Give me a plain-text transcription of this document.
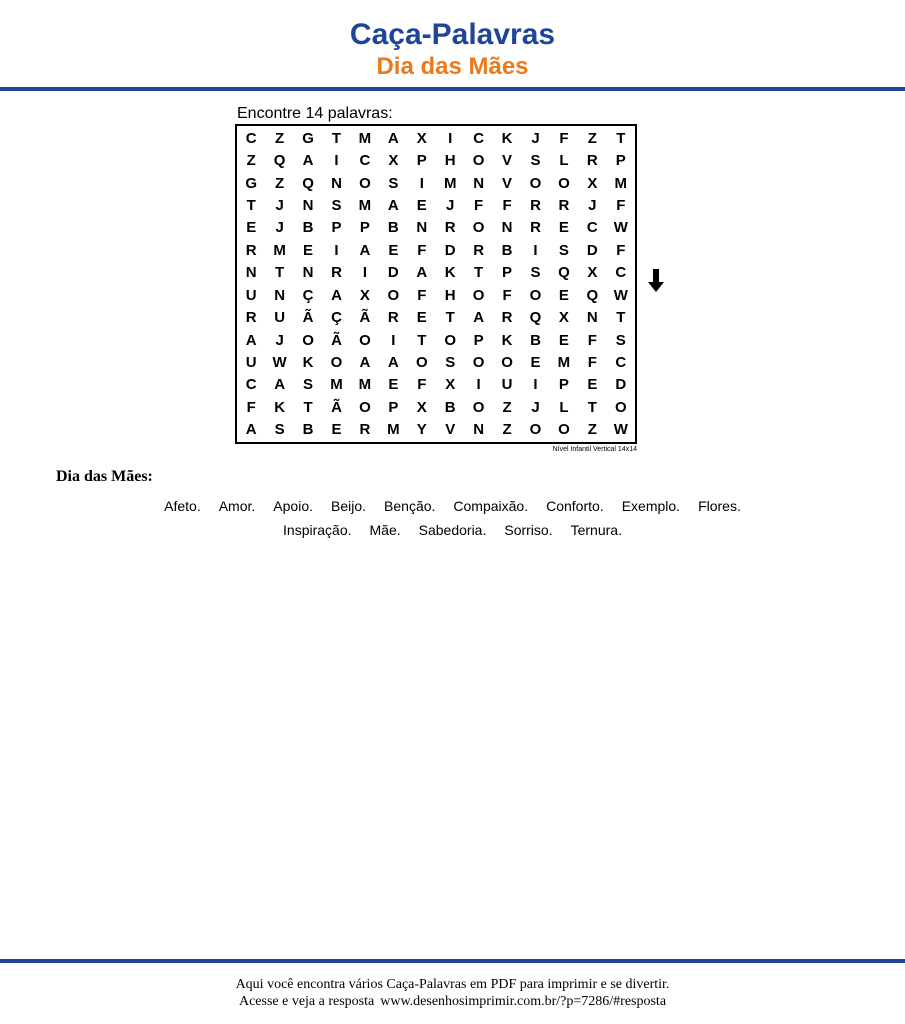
Caça-Palavras
Dia das Mães
Encontre 14 palavras:
C	Z	G	T	M	A	X	I	C	K	J	F	Z	T
Z	Q	A	I	C	X	P	H	O	V	S	L	R	P
G	Z	Q	N	O	S	I	M	N	V	O	O	X	M
T	J	N	S	M	A	E	J	F	F	R	R	J	F
E	J	B	P	P	B	N	R	O	N	R	E	C	W
R	M	E	I	A	E	F	D	R	B	I	S	D	F
N	T	N	R	I	D	A	K	T	P	S	Q	X	C
U	N	Ç	A	X	O	F	H	O	F	O	E	Q	W
R	U	Ã	Ç	Ã	R	E	T	A	R	Q	X	N	T
A	J	O	Ã	O	I	T	O	P	K	B	E	F	S
U	W	K	O	A	A	O	S	O	O	E	M	F	C
C	A	S	M	M	E	F	X	I	U	I	P	E	D
F	K	T	Ã	O	P	X	B	O	Z	J	L	T	O
A	S	B	E	R	M	Y	V	N	Z	O	O	Z	W
Nível Infantil Vertical 14x14
Dia das Mães:
Afeto. Amor. Apoio. Beijo. Benção. Compaixão. Conforto. Exemplo. Flores.
Inspiração. Mãe. Sabedoria. Sorriso. Ternura.
Aqui você encontra vários Caça-Palavras em PDF para imprimir e se divertir.
Acesse e veja a resposta www.desenhosimprimir.com.br/?p=7286/#resposta
